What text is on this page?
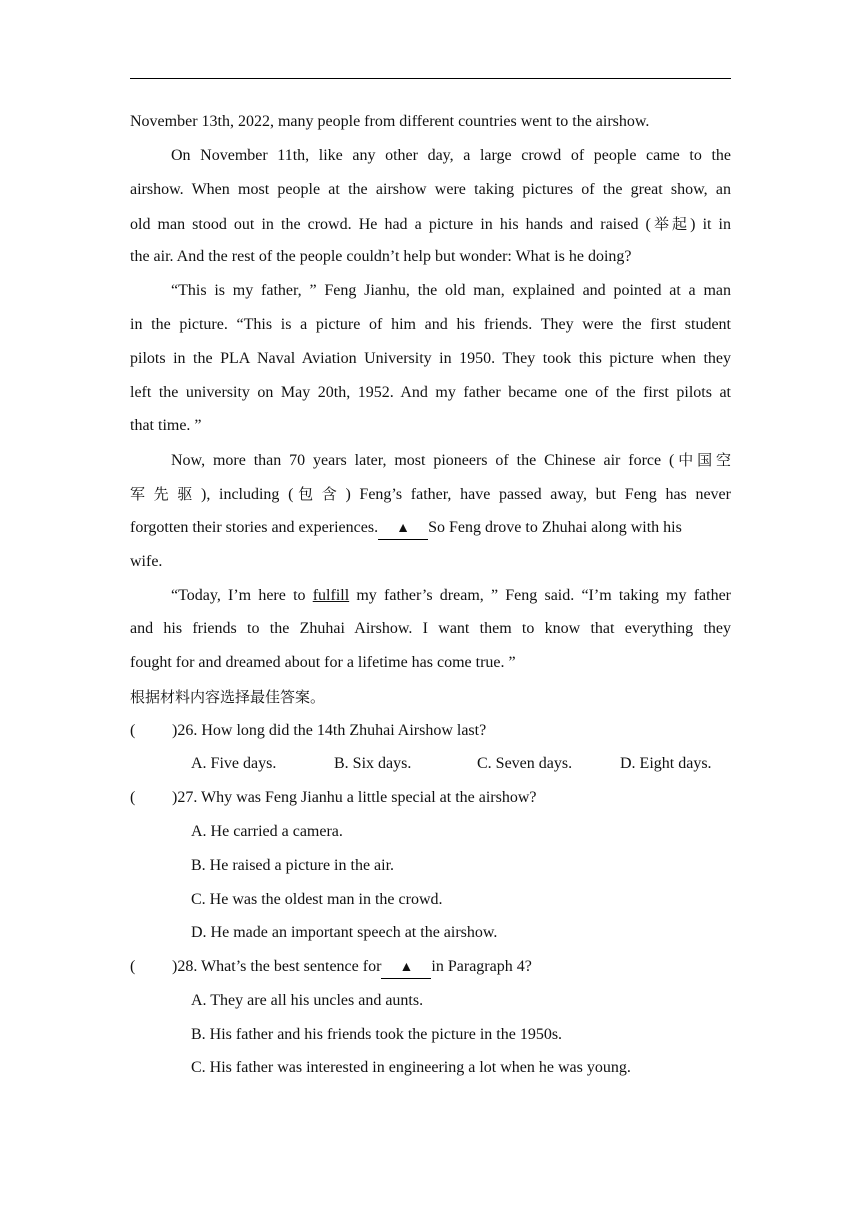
November 13th, 2022, many people from different countries went to the airshow.
On November 11th, like any other day, a large crowd of people came to the
airshow. When most people at the airshow were taking pictures of the great show, an
old man stood out in the crowd. He had a picture in his hands and raised (举起) it in
the air. And the rest of the people couldn’t help but wonder: What is he doing?
“This is my father, ” Feng Jianhu, the old man, explained and pointed at a man
in the picture. “This is a picture of him and his friends. They were the first student
pilots in the PLA Naval Aviation University in 1950. They took this picture when they
left the university on May 20th, 1952. And my father became one of the first pilots at
that time. ”
Now, more than 70 years later, most pioneers of the Chinese air force (中国空
军先驱), including (包含) Feng’s father, have passed away, but Feng has never
forgotten their stories and experiences. ▲ So Feng drove to Zhuhai along with his
wife.
“Today, I’m here to fulfill my father’s dream, ” Feng said. “I’m taking my father
and his friends to the Zhuhai Airshow. I want them to know that everything they
fought for and dreamed about for a lifetime has come true. ”
根据材料内容选择最佳答案。
( )26. How long did the 14th Zhuhai Airshow last?
A. Five days.	B. Six days.	C. Seven days.	D. Eight days.
( )27. Why was Feng Jianhu a little special at the airshow?
A. He carried a camera.
B. He raised a picture in the air.
C. He was the oldest man in the crowd.
D. He made an important speech at the airshow.
( )28. What’s the best sentence for ▲ in Paragraph 4?
A. They are all his uncles and aunts.
B. His father and his friends took the picture in the 1950s.
C. His father was interested in engineering a lot when he was young.
